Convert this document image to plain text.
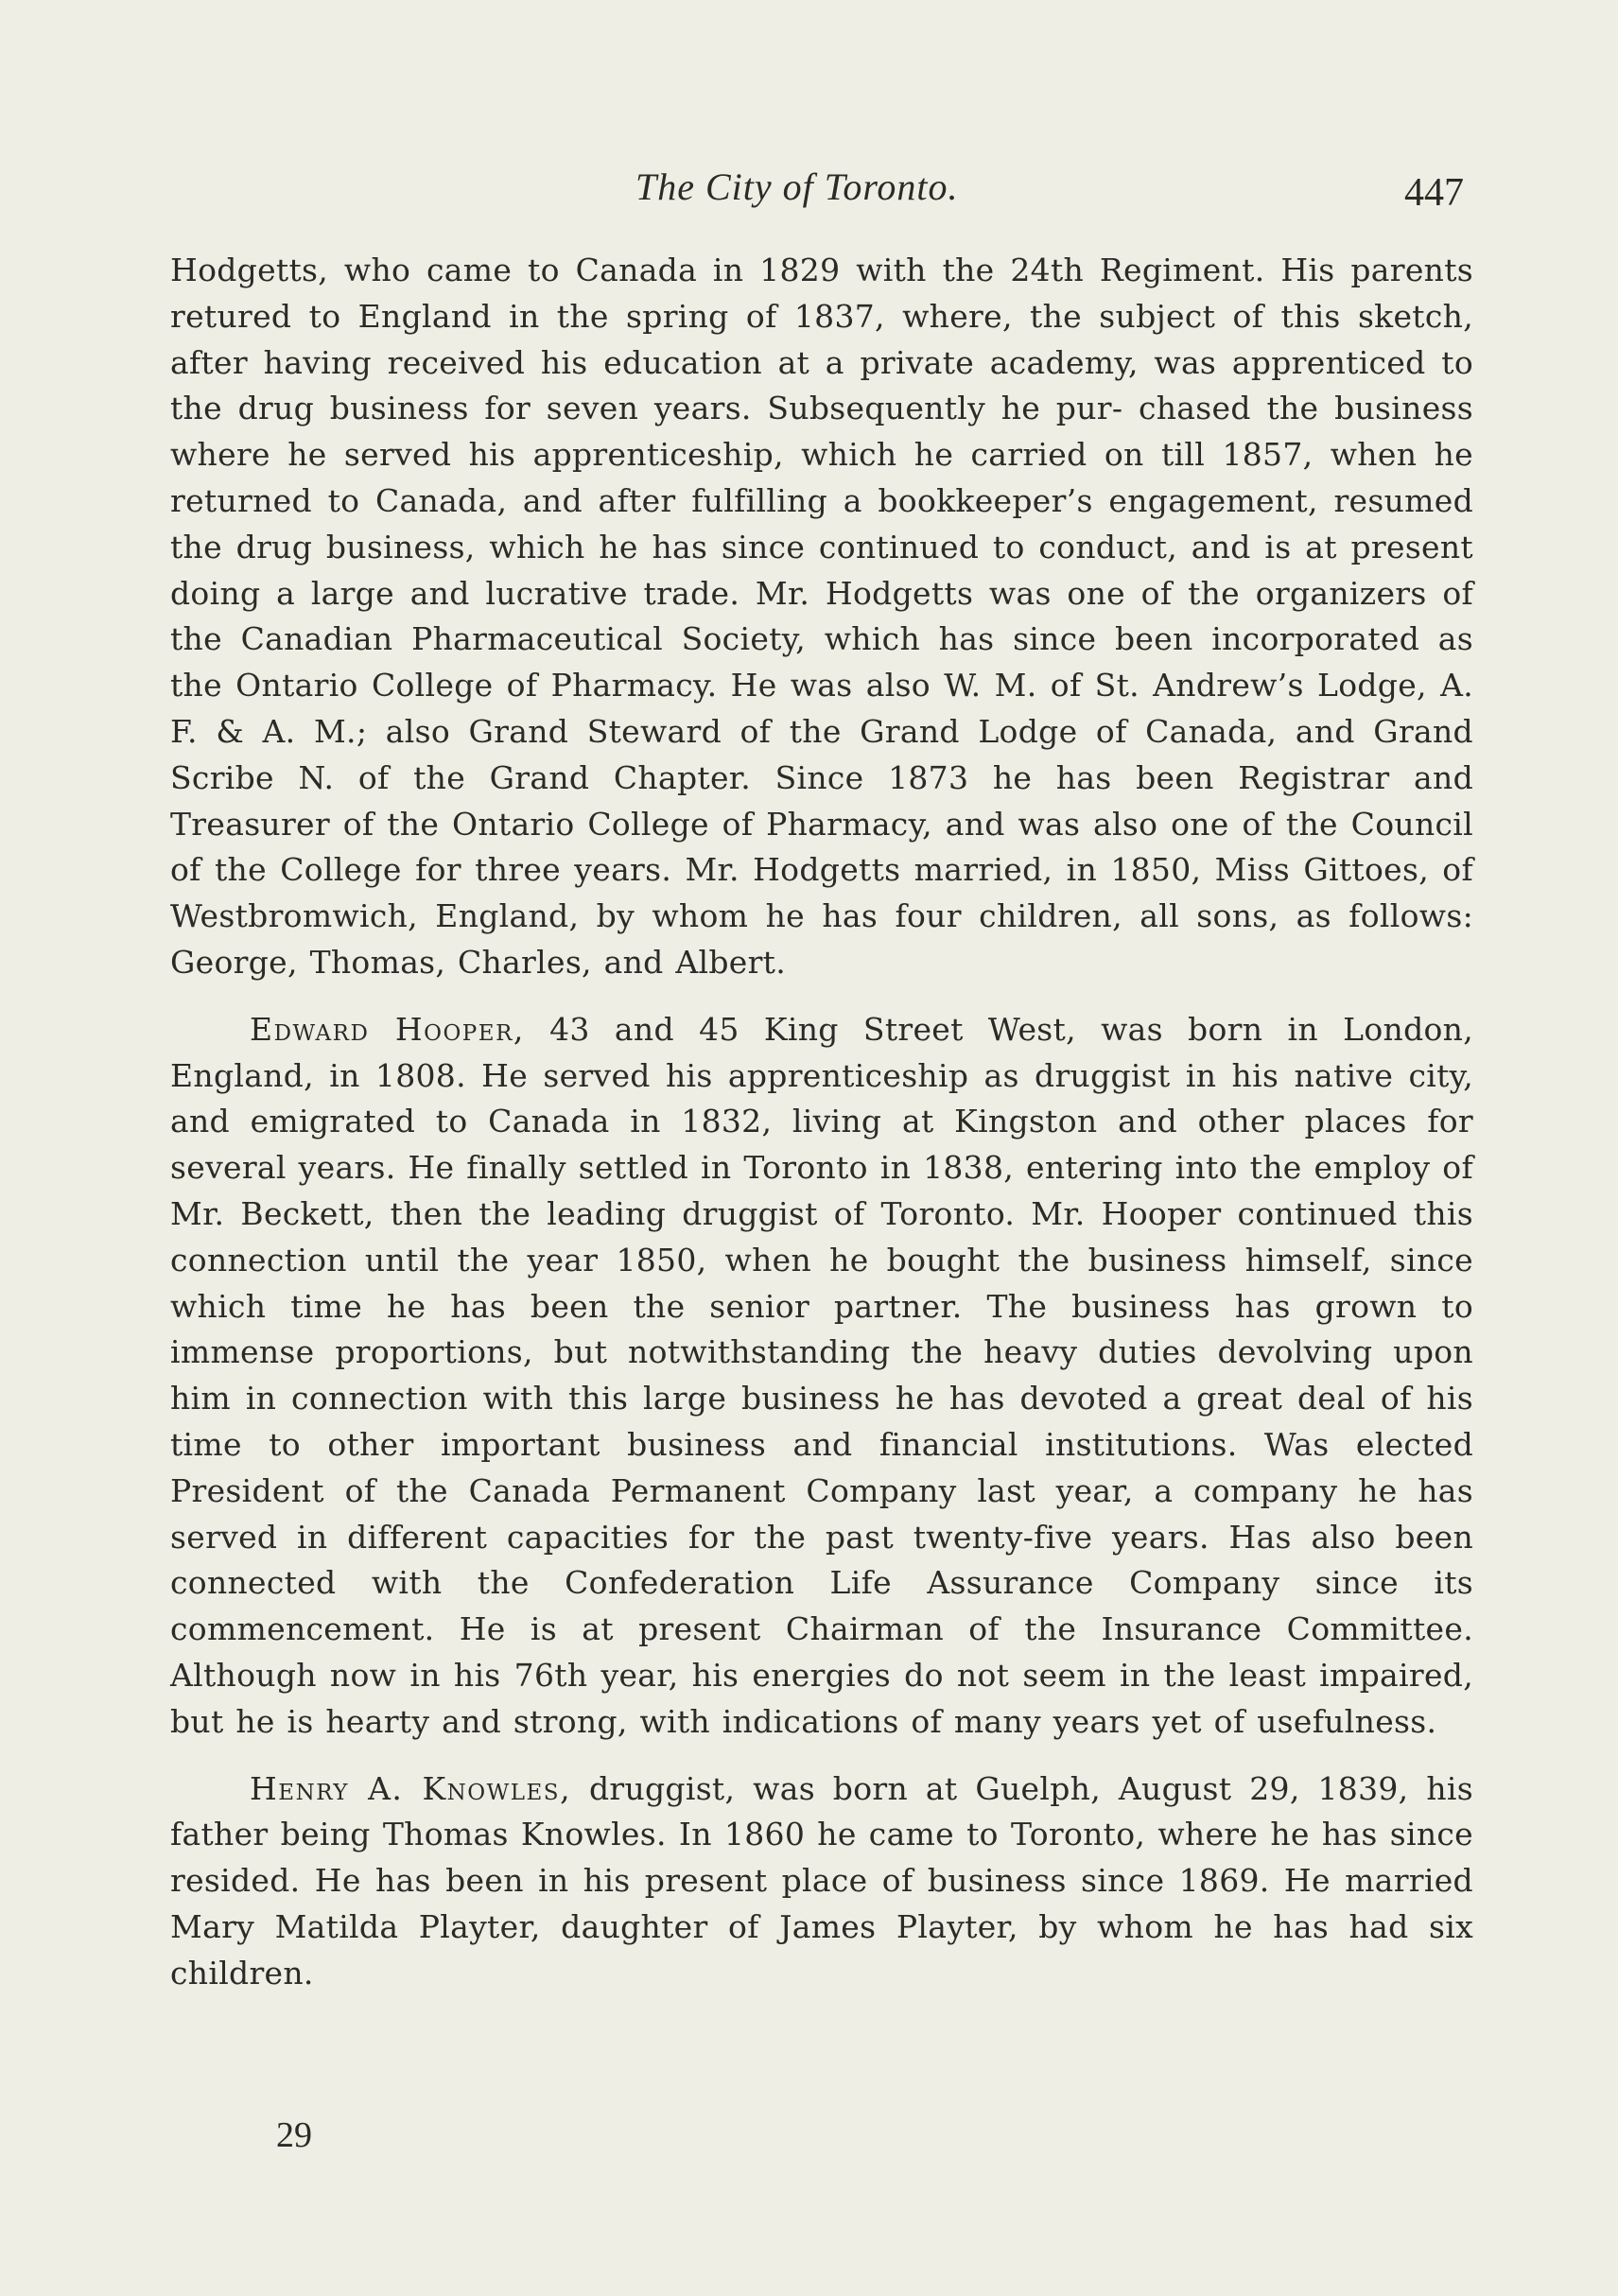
The City of Toronto.	447

Hodgetts, who came to Canada in 1829 with the 24th Regiment. His parents retured to England in the spring of 1837, where, the subject of this sketch, after having received his education at a private academy, was apprenticed to the drug business for seven years. Subsequently he pur- chased the business where he served his apprenticeship, which he carried on till 1857, when he returned to Canada, and after fulfilling a bookkeeper’s engagement, resumed the drug business, which he has since continued to conduct, and is at present doing a large and lucrative trade. Mr. Hodgetts was one of the organizers of the Canadian Pharmaceutical Society, which has since been incorporated as the Ontario College of Pharmacy. He was also W. M. of St. Andrew’s Lodge, A. F. & A. M.; also Grand Steward of the Grand Lodge of Canada, and Grand Scribe N. of the Grand Chapter. Since 1873 he has been Registrar and Treasurer of the Ontario College of Pharmacy, and was also one of the Council of the College for three years. Mr. Hodgetts married, in 1850, Miss Gittoes, of Westbromwich, England, by whom he has four children, all sons, as follows: George, Thomas, Charles, and Albert.

Edward Hooper, 43 and 45 King Street West, was born in London, England, in 1808. He served his apprenticeship as druggist in his native city, and emigrated to Canada in 1832, living at Kingston and other places for several years. He finally settled in Toronto in 1838, entering into the employ of Mr. Beckett, then the leading druggist of Toronto. Mr. Hooper continued this connection until the year 1850, when he bought the business himself, since which time he has been the senior partner. The business has grown to immense proportions, but notwithstanding the heavy duties devolving upon him in connection with this large business he has devoted a great deal of his time to other important business and financial institutions. Was elected President of the Canada Permanent Company last year, a company he has served in different capacities for the past twenty-five years. Has also been connected with the Confederation Life Assurance Company since its commencement. He is at present Chairman of the Insurance Committee. Although now in his 76th year, his energies do not seem in the least impaired, but he is hearty and strong, with indications of many years yet of usefulness.

Henry A. Knowles, druggist, was born at Guelph, August 29, 1839, his father being Thomas Knowles. In 1860 he came to Toronto, where he has since resided. He has been in his present place of business since 1869. He married Mary Matilda Playter, daughter of James Playter, by whom he has had six children.

29
